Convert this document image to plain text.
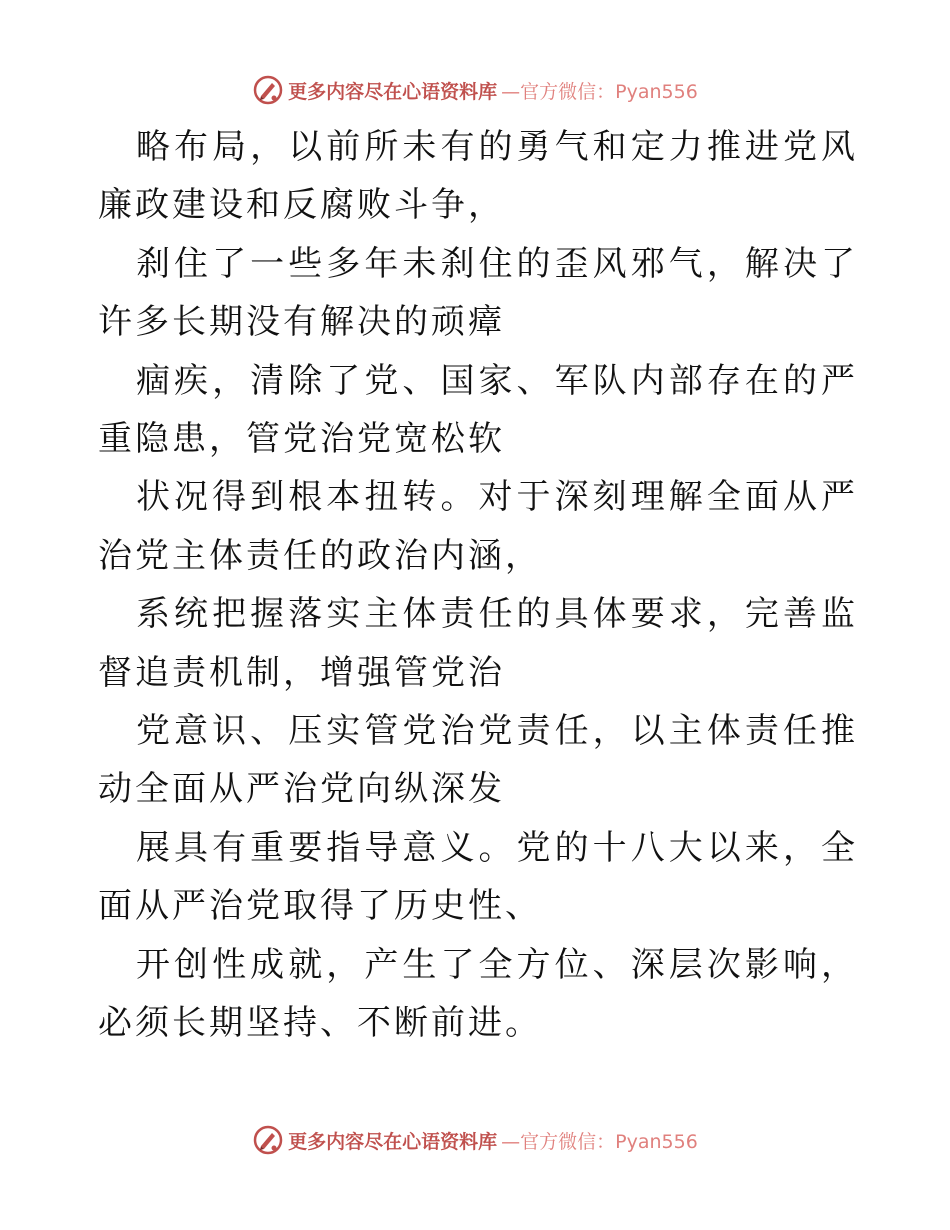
更多内容尽在心语资料库 —官方微信：Pyan556

略布局，以前所未有的勇气和定力推进党风廉政建设和反腐败斗争，

刹住了一些多年未刹住的歪风邪气，解决了许多长期没有解决的顽瘴

痼疾，清除了党、国家、军队内部存在的严重隐患，管党治党宽松软

状况得到根本扭转。对于深刻理解全面从严治党主体责任的政治内涵，

系统把握落实主体责任的具体要求，完善监督追责机制，增强管党治

党意识、压实管党治党责任，以主体责任推动全面从严治党向纵深发

展具有重要指导意义。党的十八大以来，全面从严治党取得了历史性、

开创性成就，产生了全方位、深层次影响，必须长期坚持、不断前进。

更多内容尽在心语资料库 —官方微信：Pyan556
